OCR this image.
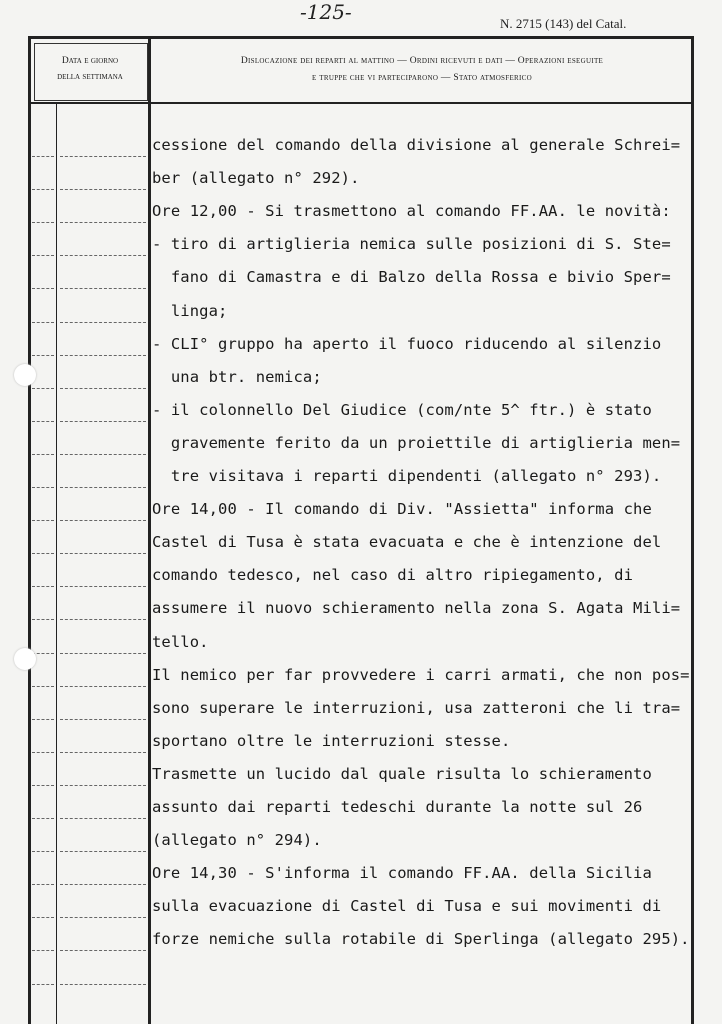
-125-	N. 2715 (143) del Catal.
Data e giorno
della settimana
Dislocazione dei reparti al mattino — Ordini ricevuti e dati — Operazioni eseguite
e truppe che vi parteciparono — Stato atmosferico
cessione del comando della divisione al generale Schrei=
ber (allegato n° 292).
Ore 12,00 - Si trasmettono al comando FF.AA. le novità:
- tiro di artiglieria nemica sulle posizioni di S. Ste=
fano di Camastra e di Balzo della Rossa e bivio Sper=
linga;
- CLI° gruppo ha aperto il fuoco riducendo al silenzio
una btr. nemica;
- il colonnello Del Giudice (com/nte 5^ ftr.) è stato
gravemente ferito da un proiettile di artiglieria men=
tre visitava i reparti dipendenti (allegato n° 293).
Ore 14,00 - Il comando di Div. "Assietta" informa che
Castel di Tusa è stata evacuata e che è intenzione del
comando tedesco, nel caso di altro ripiegamento, di
assumere il nuovo schieramento nella zona S. Agata Mili=
tello.
Il nemico per far provvedere i carri armati, che non pos=
sono superare le interruzioni, usa zatteroni che li tra=
sportano oltre le interruzioni stesse.
Trasmette un lucido dal quale risulta lo schieramento
assunto dai reparti tedeschi durante la notte sul 26
(allegato n° 294).
Ore 14,30 - S'informa il comando FF.AA. della Sicilia
sulla evacuazione di Castel di Tusa e sui movimenti di
forze nemiche sulla rotabile di Sperlinga (allegato 295).
